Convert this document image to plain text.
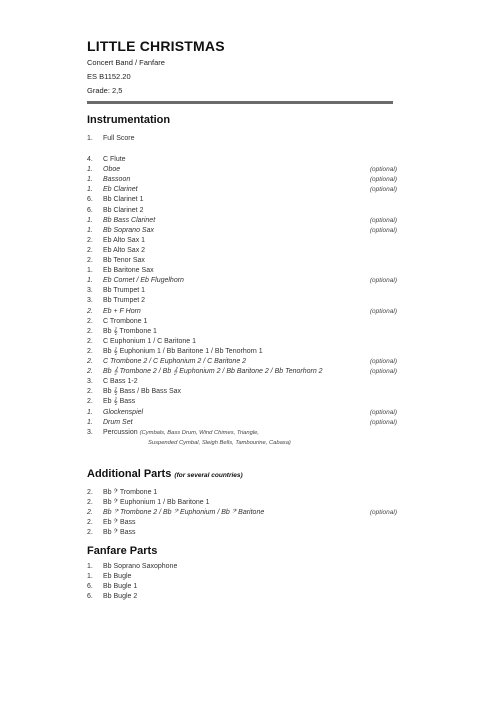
LITTLE CHRISTMAS
Concert Band / Fanfare
ES B1152.20
Grade: 2,5
Instrumentation
1.	Full Score
4.	C Flute
1.	Oboe	(optional)
1.	Bassoon	(optional)
1.	Eb Clarinet	(optional)
6.	Bb Clarinet 1
6.	Bb Clarinet 2
1.	Bb Bass Clarinet	(optional)
1.	Bb Soprano Sax	(optional)
2.	Eb Alto Sax 1
2.	Eb Alto Sax 2
2.	Bb Tenor Sax
1.	Eb Baritone Sax
1.	Eb Cornet / Eb Flugelhorn	(optional)
3.	Bb Trumpet 1
3.	Bb Trumpet 2
2.	Eb + F Horn	(optional)
2.	C Trombone 1
2.	Bb 𝄞 Trombone 1
2.	C Euphonium 1 / C Baritone 1
2.	Bb 𝄞 Euphonium 1 / Bb Baritone 1 / Bb Tenorhorn 1
2.	C Trombone 2 / C Euphonium 2 / C Baritone 2	(optional)
2.	Bb 𝄞 Trombone 2 / Bb 𝄞 Euphonium 2 / Bb Baritone 2 / Bb Tenorhorn 2	(optional)
3.	C Bass 1-2
2.	Bb 𝄞 Bass / Bb Bass Sax
2.	Eb 𝄞 Bass
1.	Glockenspiel	(optional)
1.	Drum Set	(optional)
3.	Percussion (Cymbals, Bass Drum, Wind Chimes, Triangle,
Suspended Cymbal, Sleigh Bells, Tambourine, Cabasa)
Additional Parts (for several countries)
2.	Bb 𝄢 Trombone 1
2.	Bb 𝄢 Euphonium 1 / Bb Baritone 1
2.	Bb 𝄢 Trombone 2 / Bb 𝄢 Euphonium / Bb 𝄢 Baritone	(optional)
2.	Eb 𝄢 Bass
2.	Bb 𝄢 Bass
Fanfare Parts
1.	Bb Soprano Saxophone
1.	Eb Bugle
6.	Bb Bugle 1
6.	Bb Bugle 2
